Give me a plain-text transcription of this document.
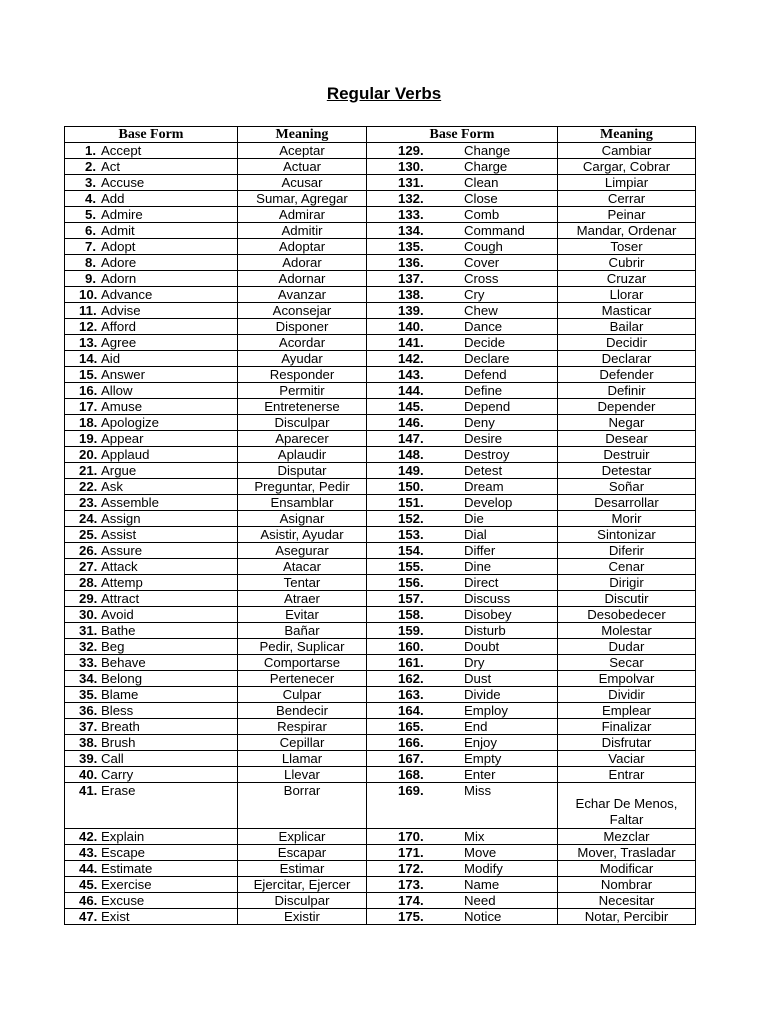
Regular Verbs
Base Form	Meaning	Base Form	Meaning
1. Accept	Aceptar	129. Change	Cambiar
2. Act	Actuar	130. Charge	Cargar, Cobrar
3. Accuse	Acusar	131. Clean	Limpiar
4. Add	Sumar, Agregar	132. Close	Cerrar
5. Admire	Admirar	133. Comb	Peinar
6. Admit	Admitir	134. Command	Mandar, Ordenar
7. Adopt	Adoptar	135. Cough	Toser
8. Adore	Adorar	136. Cover	Cubrir
9. Adorn	Adornar	137. Cross	Cruzar
10. Advance	Avanzar	138. Cry	Llorar
11. Advise	Aconsejar	139. Chew	Masticar
12. Afford	Disponer	140. Dance	Bailar
13. Agree	Acordar	141. Decide	Decidir
14. Aid	Ayudar	142. Declare	Declarar
15. Answer	Responder	143. Defend	Defender
16. Allow	Permitir	144. Define	Definir
17. Amuse	Entretenerse	145. Depend	Depender
18. Apologize	Disculpar	146. Deny	Negar
19. Appear	Aparecer	147. Desire	Desear
20. Applaud	Aplaudir	148. Destroy	Destruir
21. Argue	Disputar	149. Detest	Detestar
22. Ask	Preguntar, Pedir	150. Dream	Soñar
23. Assemble	Ensamblar	151. Develop	Desarrollar
24. Assign	Asignar	152. Die	Morir
25. Assist	Asistir, Ayudar	153. Dial	Sintonizar
26. Assure	Asegurar	154. Differ	Diferir
27. Attack	Atacar	155. Dine	Cenar
28. Attemp	Tentar	156. Direct	Dirigir
29. Attract	Atraer	157. Discuss	Discutir
30. Avoid	Evitar	158. Disobey	Desobedecer
31. Bathe	Bañar	159. Disturb	Molestar
32. Beg	Pedir, Suplicar	160. Doubt	Dudar
33. Behave	Comportarse	161. Dry	Secar
34. Belong	Pertenecer	162. Dust	Empolvar
35. Blame	Culpar	163. Divide	Dividir
36. Bless	Bendecir	164. Employ	Emplear
37. Breath	Respirar	165. End	Finalizar
38. Brush	Cepillar	166. Enjoy	Disfrutar
39. Call	Llamar	167. Empty	Vaciar
40. Carry	Llevar	168. Enter	Entrar
41. Erase	Borrar	169. Miss	Echar De Menos, Faltar
42. Explain	Explicar	170. Mix	Mezclar
43. Escape	Escapar	171. Move	Mover, Trasladar
44. Estimate	Estimar	172. Modify	Modificar
45. Exercise	Ejercitar, Ejercer	173. Name	Nombrar
46. Excuse	Disculpar	174. Need	Necesitar
47. Exist	Existir	175. Notice	Notar, Percibir
